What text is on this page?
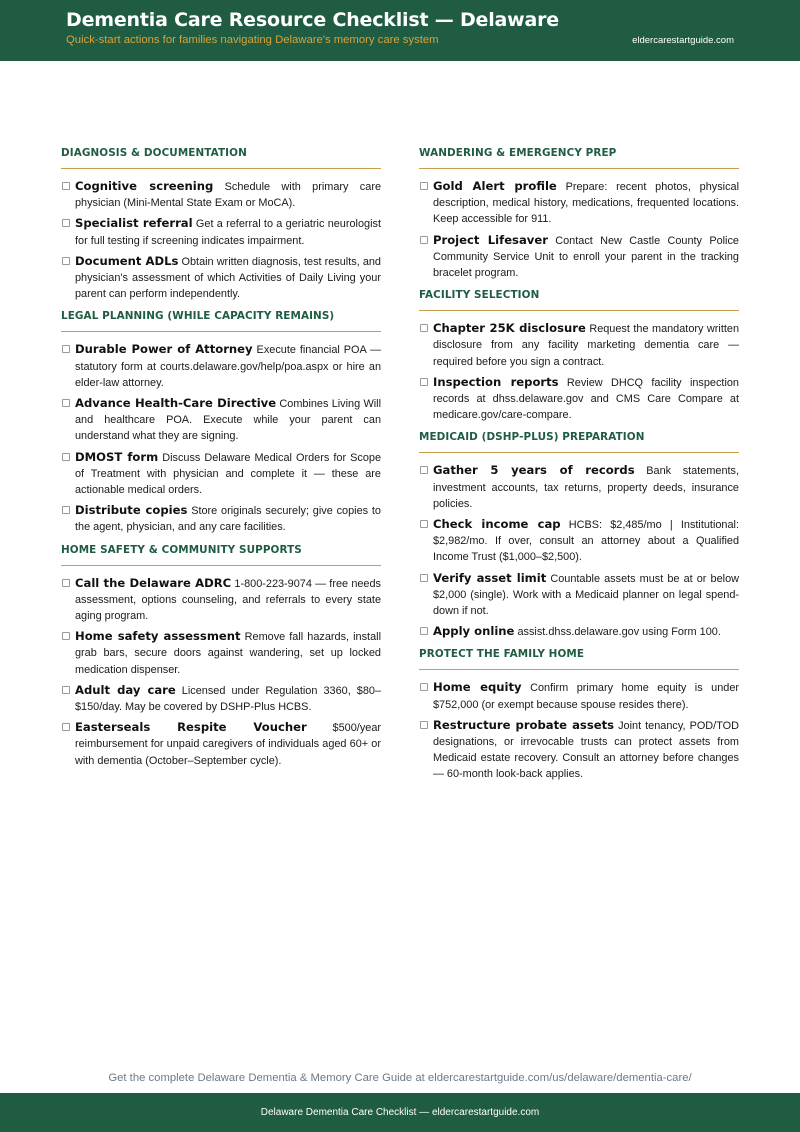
Dementia Care Resource Checklist — Delaware
Quick-start actions for families navigating Delaware's memory care system	eldercarestartguide.com
DIAGNOSIS & DOCUMENTATION
Cognitive screening Schedule with primary care physician (Mini-Mental State Exam or MoCA).
Specialist referral Get a referral to a geriatric neurologist for full testing if screening indicates impairment.
Document ADLs Obtain written diagnosis, test results, and physician's assessment of which Activities of Daily Living your parent can perform independently.
LEGAL PLANNING (WHILE CAPACITY REMAINS)
Durable Power of Attorney Execute financial POA — statutory form at courts.delaware.gov/help/poa.aspx or hire an elder-law attorney.
Advance Health-Care Directive Combines Living Will and healthcare POA. Execute while your parent can understand what they are signing.
DMOST form Discuss Delaware Medical Orders for Scope of Treatment with physician and complete it — these are actionable medical orders.
Distribute copies Store originals securely; give copies to the agent, physician, and any care facilities.
HOME SAFETY & COMMUNITY SUPPORTS
Call the Delaware ADRC 1-800-223-9074 — free needs assessment, options counseling, and referrals to every state aging program.
Home safety assessment Remove fall hazards, install grab bars, secure doors against wandering, set up locked medication dispenser.
Adult day care Licensed under Regulation 3360, $80–$150/day. May be covered by DSHP-Plus HCBS.
Easterseals Respite Voucher $500/year reimbursement for unpaid caregivers of individuals aged 60+ or with dementia (October–September cycle).
WANDERING & EMERGENCY PREP
Gold Alert profile Prepare: recent photos, physical description, medical history, medications, frequented locations. Keep accessible for 911.
Project Lifesaver Contact New Castle County Police Community Service Unit to enroll your parent in the tracking bracelet program.
FACILITY SELECTION
Chapter 25K disclosure Request the mandatory written disclosure from any facility marketing dementia care — required before you sign a contract.
Inspection reports Review DHCQ facility inspection records at dhss.delaware.gov and CMS Care Compare at medicare.gov/care-compare.
MEDICAID (DSHP-PLUS) PREPARATION
Gather 5 years of records Bank statements, investment accounts, tax returns, property deeds, insurance policies.
Check income cap HCBS: $2,485/mo | Institutional: $2,982/mo. If over, consult an attorney about a Qualified Income Trust ($1,000–$2,500).
Verify asset limit Countable assets must be at or below $2,000 (single). Work with a Medicaid planner on legal spend-down if not.
Apply online assist.dhss.delaware.gov using Form 100.
PROTECT THE FAMILY HOME
Home equity Confirm primary home equity is under $752,000 (or exempt because spouse resides there).
Restructure probate assets Joint tenancy, POD/TOD designations, or irrevocable trusts can protect assets from Medicaid estate recovery. Consult an attorney before changes — 60-month look-back applies.
Get the complete Delaware Dementia & Memory Care Guide at eldercarestartguide.com/us/delaware/dementia-care/
Delaware Dementia Care Checklist — eldercarestartguide.com
